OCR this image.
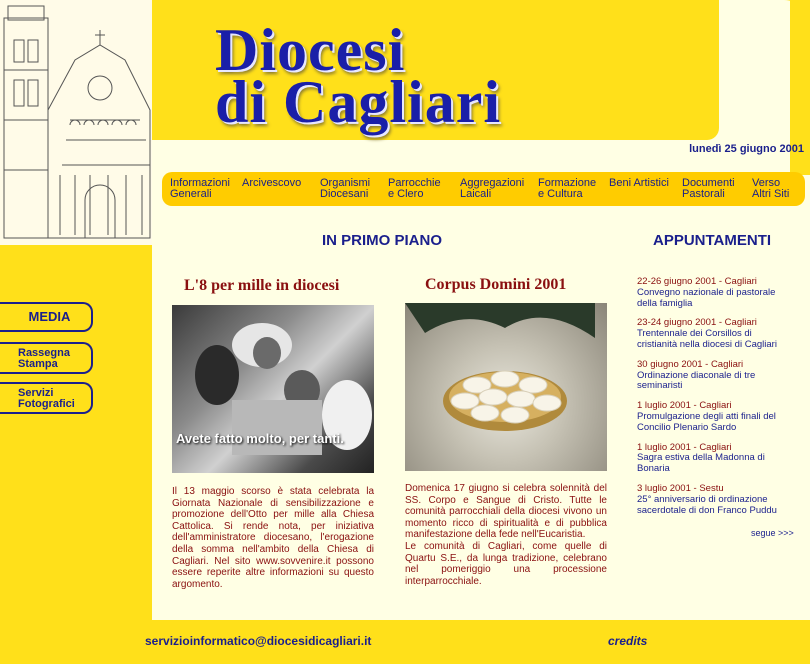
Diocesi
di Cagliari
lunedì 25 giugno 2001
Informazioni
Generali
Arcivescovo Organismi
Diocesani
Parrocchie
e Clero
Aggregazioni
Laicali
Formazione
e Cultura
Beni Artistici Documenti
Pastorali
Verso
Altri Siti
MEDIA
Rassegna
Stampa
Servizi
Fotografici
IN PRIMO PIANO	APPUNTAMENTI
L'8 per mille in diocesi
Avete fatto molto, per tanti.
Il 13 maggio scorso è stata celebrata la Giornata Nazionale di sensibilizzazione e promozione dell'Otto per mille alla Chiesa Cattolica. Si rende nota, per iniziativa dell'amministratore diocesano, l'erogazione della somma nell'ambito della Chiesa di Cagliari. Nel sito www.sovvenire.it possono essere reperite altre informazioni su questo argomento.
Corpus Domini 2001
Domenica 17 giugno si celebra solennità del SS. Corpo e Sangue di Cristo. Tutte le comunità parrocchiali della diocesi vivono un momento ricco di spiritualità e di pubblica manifestazione della fede nell'Eucaristia.
Le comunità di Cagliari, come quelle di Quartu S.E., da lunga tradizione, celebrano nel pomeriggio una processione interparrocchiale.
22-26 giugno 2001 - Cagliari
Convegno nazionale di pastorale della famiglia
23-24 giugno 2001 - Cagliari
Trentennale dei Corsillos di cristianità nella diocesi di Cagliari
30 giugno 2001 - Cagliari
Ordinazione diaconale di tre seminaristi
1 luglio 2001 - Cagliari
Promulgazione degli atti finali del Concilio Plenario Sardo
1 luglio 2001 - Cagliari
Sagra estiva della Madonna di Bonaria
3 luglio 2001 - Sestu
25° anniversario di ordinazione sacerdotale di don Franco Puddu
segue >>>
servizioinformatico@diocesidicagliari.it	credits
